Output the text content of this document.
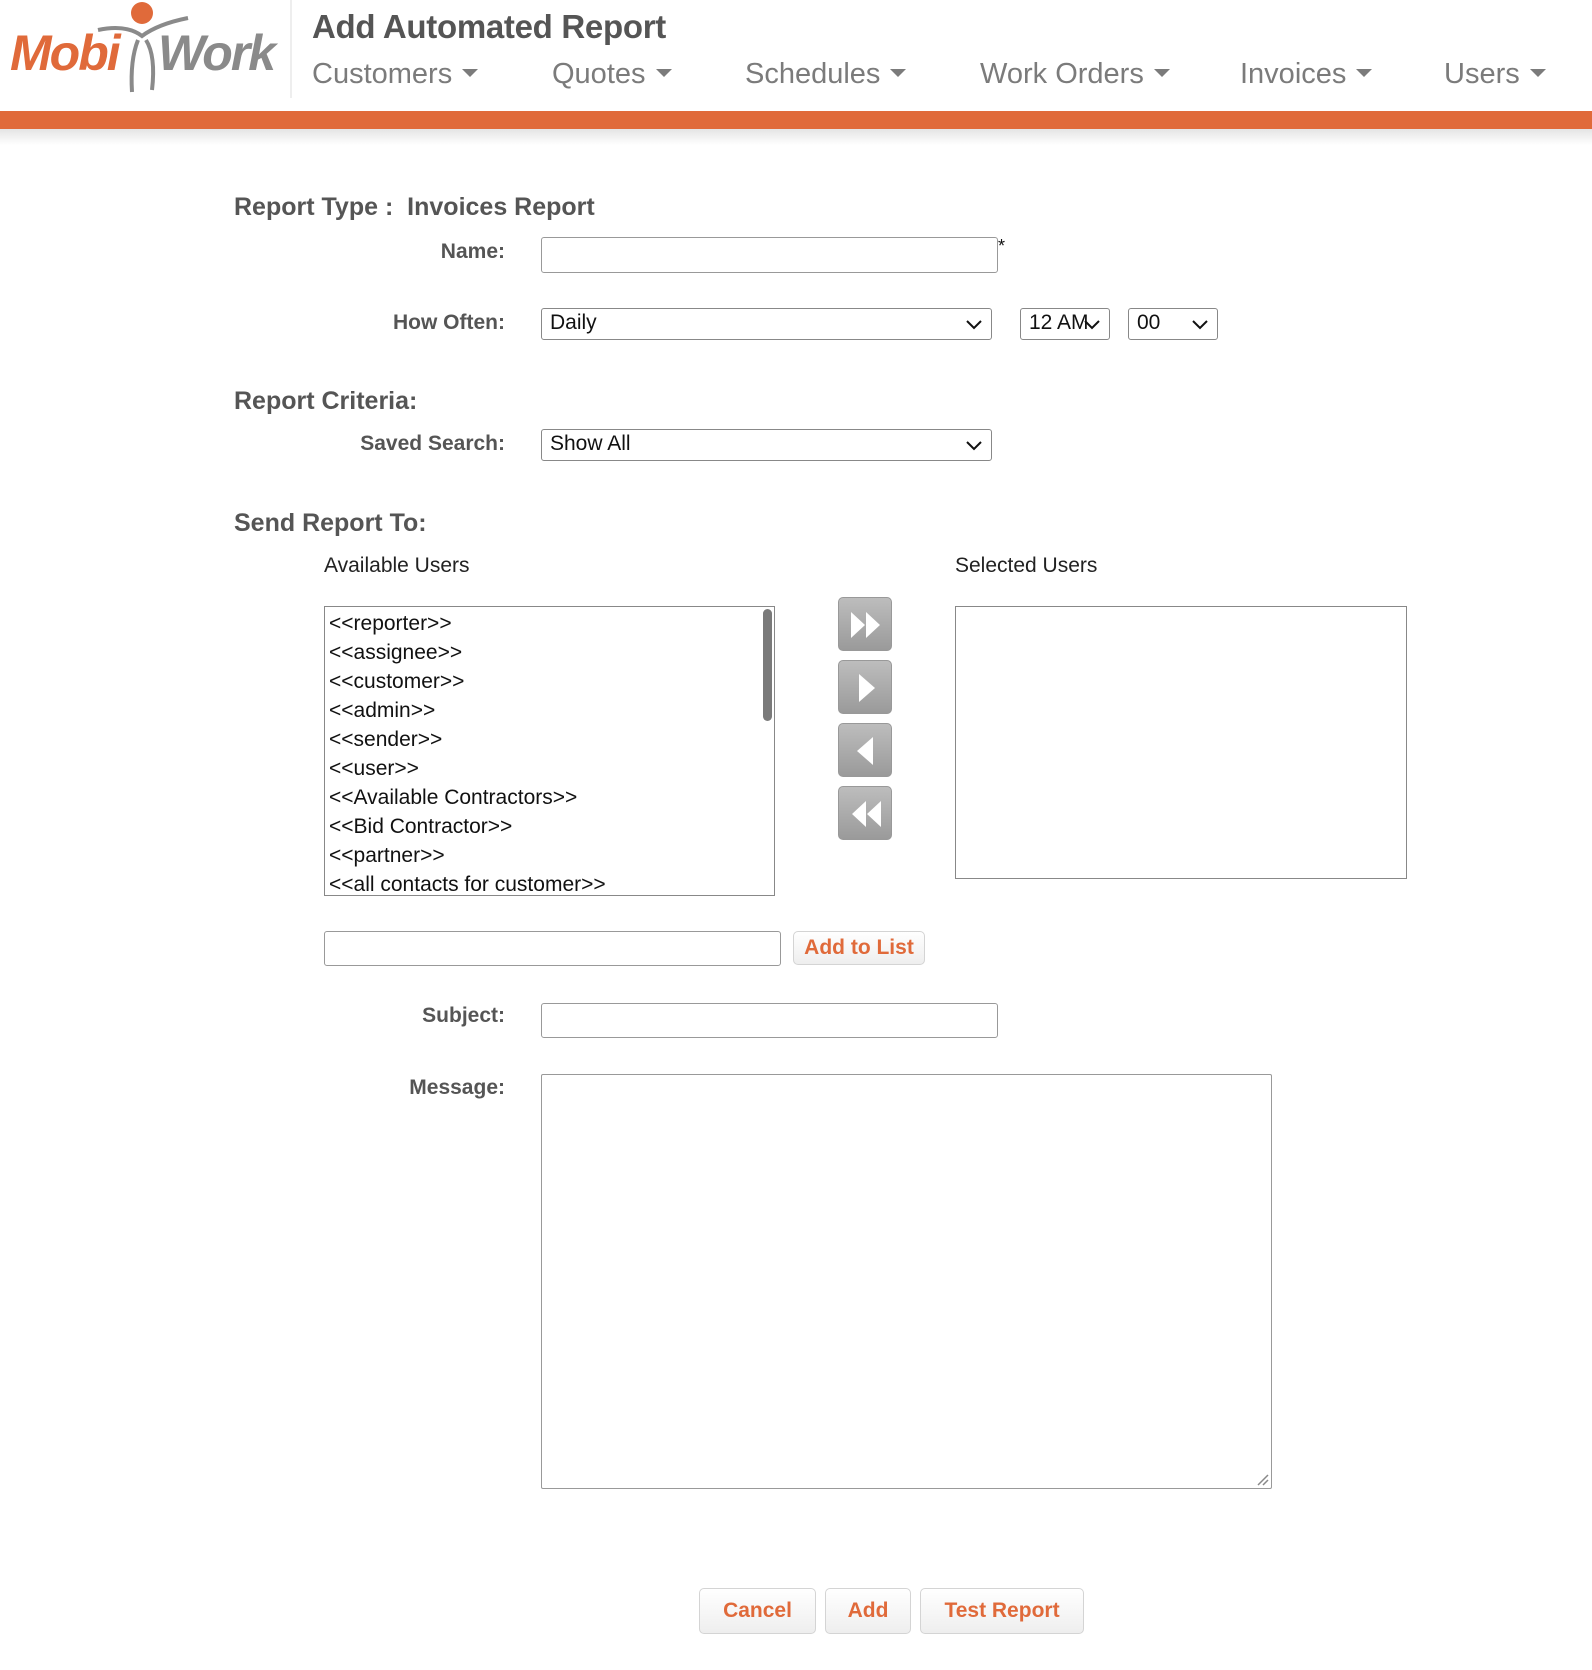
Mobi Work Add Automated Report
Customers	Quotes	Schedules	Work Orders	Invoices	Users
Report Type : Invoices Report
Name:	*
How Often:	Daily	12 AM	00
Report Criteria:
Saved Search:	Show All
Send Report To:
Available Users	Selected Users
<<reporter>>
<<assignee>>
<<customer>>
<<admin>>
<<sender>>
<<user>>
<<Available Contractors>>
<<Bid Contractor>>
<<partner>>
<<all contacts for customer>>
Add to List
Subject:
Message:
Cancel	Add	Test Report
